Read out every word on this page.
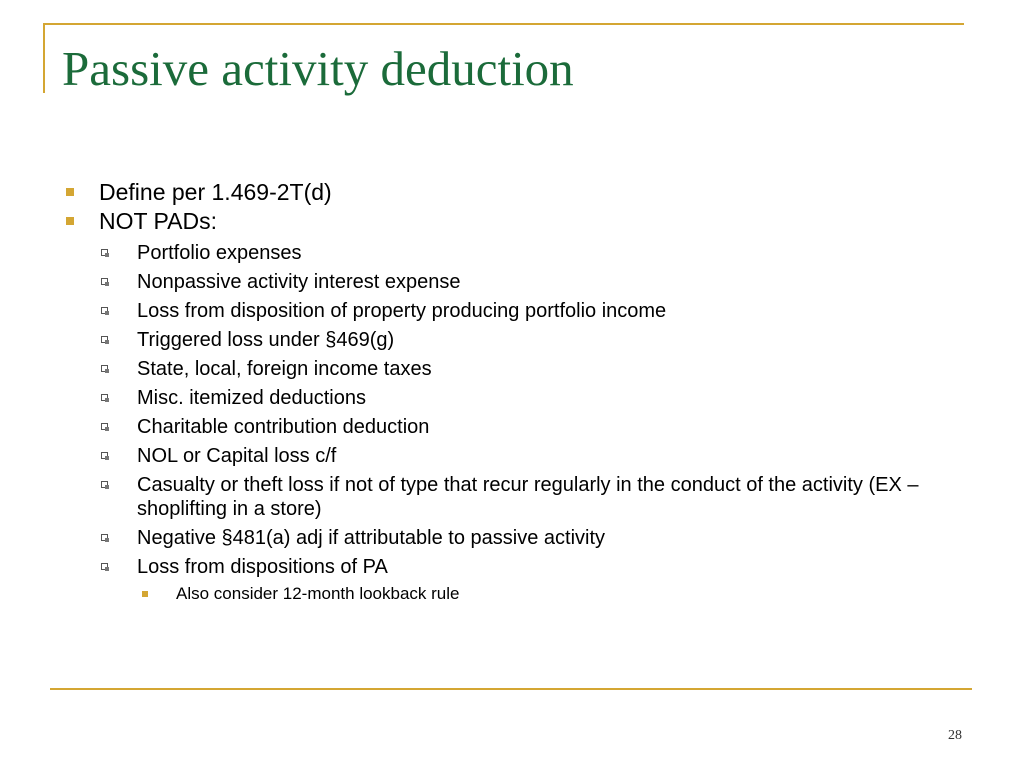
Passive activity deduction
Define per 1.469-2T(d)
NOT PADs:
Portfolio expenses
Nonpassive activity interest expense
Loss from disposition of property producing portfolio income
Triggered loss under §469(g)
State, local, foreign income taxes
Misc. itemized deductions
Charitable contribution deduction
NOL or Capital loss c/f
Casualty or theft loss if not of type that recur regularly in the conduct of the activity (EX – shoplifting in a store)
Negative §481(a) adj if attributable to passive activity
Loss from dispositions of PA
Also consider 12-month lookback rule
28
